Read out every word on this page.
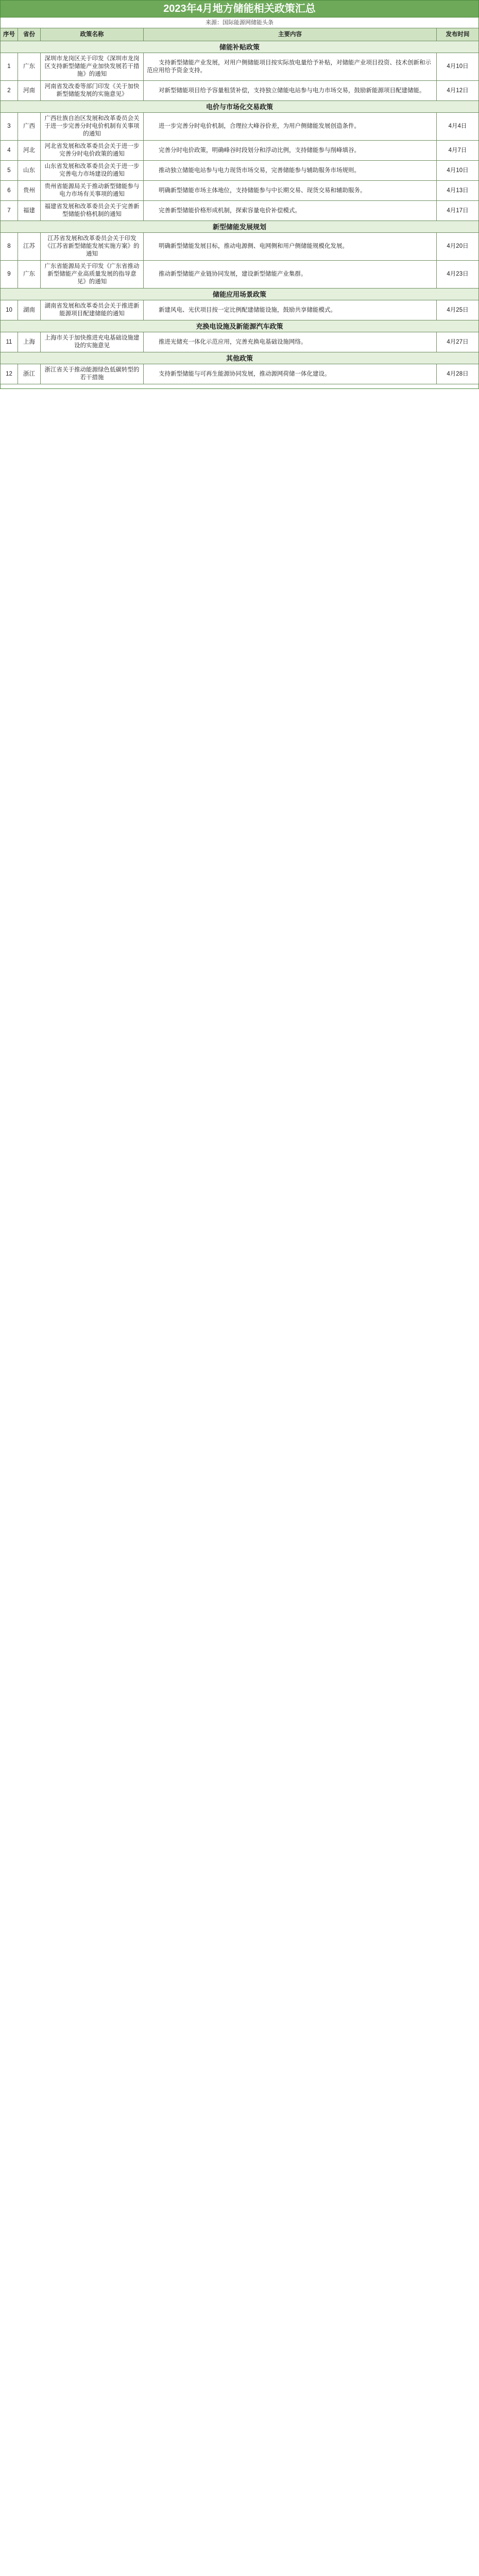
2023年4月地方储能相关政策汇总
来源：国际能源网储能头条
序号	省份	政策名称	主要内容	发布时间
储能补贴政策				
1	广东	深圳市龙岗区关于印发《深圳市龙岗区支持新型储能产业加快发展若干措施》的通知	支持新型储能产业发展，对用户侧储能项目按实际放电量给予补贴，对储能产业项目投资、技术创新和示范应用给予资金支持。	4月10日
2	河南	河南省发改委等部门印发《关于加快新型储能发展的实施意见》	对新型储能项目给予容量租赁补偿，支持独立储能电站参与电力市场交易，鼓励新能源项目配建储能。	4月12日
电价与市场化交易政策				
3	广西	广西壮族自治区发展和改革委员会关于进一步完善分时电价机制有关事项的通知	进一步完善分时电价机制，合理拉大峰谷价差，为用户侧储能发展创造条件。	4月4日
4	河北	河北省发展和改革委员会关于进一步完善分时电价政策的通知	完善分时电价政策，明确峰谷时段划分和浮动比例，支持储能参与削峰填谷。	4月7日
5	山东	山东省发展和改革委员会关于进一步完善电力市场建设的通知	推动独立储能电站参与电力现货市场交易，完善储能参与辅助服务市场规则。	4月10日
6	贵州	贵州省能源局关于推动新型储能参与电力市场有关事项的通知	明确新型储能市场主体地位，支持储能参与中长期交易、现货交易和辅助服务。	4月13日
7	福建	福建省发展和改革委员会关于完善新型储能价格机制的通知	完善新型储能价格形成机制，探索容量电价补偿模式。	4月17日
新型储能发展规划				
8	江苏	江苏省发展和改革委员会关于印发《江苏省新型储能发展实施方案》的通知	明确新型储能发展目标，推动电源侧、电网侧和用户侧储能规模化发展。	4月20日
9	广东	广东省能源局关于印发《广东省推动新型储能产业高质量发展的指导意见》的通知	推动新型储能产业链协同发展，建设新型储能产业集群。	4月23日
储能应用场景政策				
10	湖南	湖南省发展和改革委员会关于推进新能源项目配建储能的通知	新建风电、光伏项目按一定比例配建储能设施，鼓励共享储能模式。	4月25日
充换电设施及新能源汽车政策				
11	上海	上海市关于加快推进充电基础设施建设的实施意见	推进光储充一体化示范应用，完善充换电基础设施网络。	4月27日
其他政策				
12	浙江	浙江省关于推动能源绿色低碳转型的若干措施	支持新型储能与可再生能源协同发展，推动源网荷储一体化建设。	4月28日
